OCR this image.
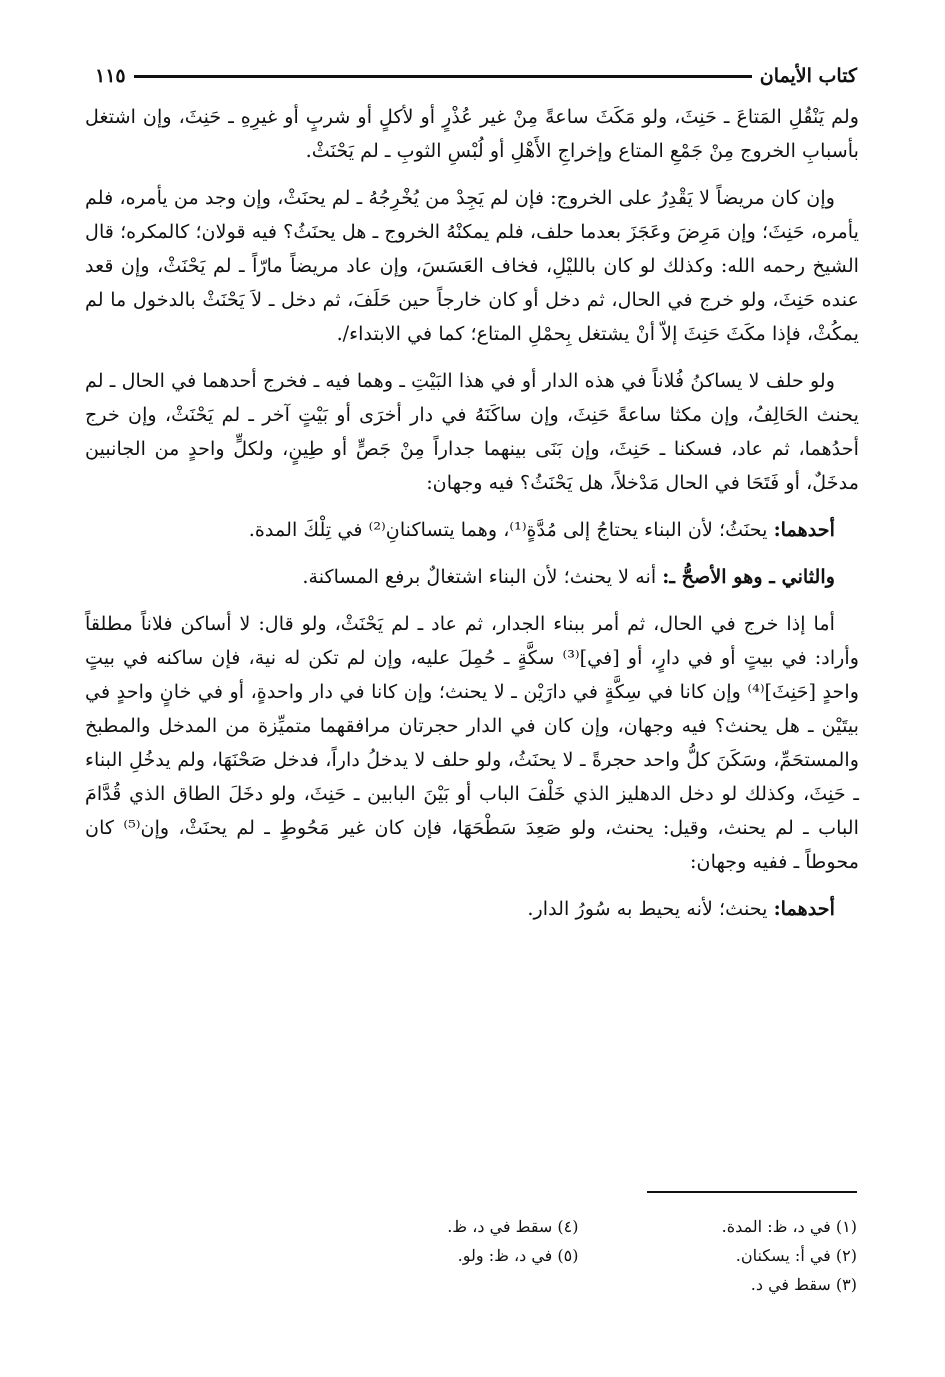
كتاب الأيمان
١١٥

ولم يَنْقُلِ المَتاعَ ـ حَنِثَ، ولو مَكَثَ ساعةً مِنْ غير عُذْرٍ أو لأكلٍ أو شربٍ أو غيرِهِ ـ حَنِثَ، وإن اشتغل بأسبابِ الخروج مِنْ جَمْعِ المتاع وإخراجِ الأَهْلِ أو لُبْسِ الثوبِ ـ لم يَحْنَثْ.

وإن كان مريضاً لا يَقْدِرُ على الخروج: فإن لم يَجِدْ من يُخْرِجُهُ ـ لم يحنَثْ، وإن وجد من يأمره، فلم يأمره، حَنِثَ؛ وإن مَرِضَ وعَجَزَ بعدما حلف، فلم يمكنْهُ الخروج ـ هل يحنَثُ؟ فيه قولان؛ كالمكره؛ قال الشيخ رحمه الله: وكذلك لو كان بالليْلِ، فخاف العَسَسَ، وإن عاد مريضاً مارّاً ـ لم يَحْنَثْ، وإن قعد عنده حَنِثَ، ولو خرج في الحال، ثم دخل أو كان خارجاً حين حَلَفَ، ثم دخل ـ لاَ يَحْنَثْ بالدخول ما لم يمكُثْ، فإذا مكَثَ حَنِثَ إلاّ أنْ يشتغل بِحمْلِ المتاع؛ كما في الابتداء/.

ولو حلف لا يساكنُ فُلاناً في هذه الدار أو في هذا البَيْتِ ـ وهما فيه ـ فخرج أحدهما في الحال ـ لم يحنث الحَالِفُ، وإن مكثا ساعةً حَنِثَ، وإن ساكَنَهُ في دار أخرَى أو بَيْتٍ آخر ـ لم يَحْنَثْ، وإن خرج أحدُهما، ثم عاد، فسكنا ـ حَنِثَ، وإن بَنَى بينهما جداراً مِنْ جَصٍّ أو طِينٍ، ولكلٍّ واحدٍ من الجانبين مدخَلٌ، أو فَتَحَا في الحال مَدْخلاً، هل يَحْنَثُ؟ فيه وجهان:

أحدهما: يحنَثُ؛ لأن البناء يحتاجُ إلى مُدَّةٍ⁽¹⁾، وهما يتساكنانِ⁽²⁾ في تِلْكَ المدة.

والثاني ـ وهو الأصحُّ ـ: أنه لا يحنث؛ لأن البناء اشتغالٌ برفع المساكنة.

أما إذا خرج في الحال، ثم أمر ببناء الجدار، ثم عاد ـ لم يَحْنَثْ، ولو قال: لا أساكن فلاناً مطلقاً وأراد: في بيتٍ أو في دارٍ، أو [في]⁽³⁾ سكَّةٍ ـ حُمِلَ عليه، وإن لم تكن له نية، فإن ساكنه في بيتٍ واحدٍ [حَنِثَ]⁽⁴⁾ وإن كانا في سِكَّةٍ في دارَيْن ـ لا يحنث؛ وإن كانا في دار واحدةٍ، أو في خانٍ واحدٍ في بيتَيْن ـ هل يحنث؟ فيه وجهان، وإن كان في الدار حجرتان مرافقهما متميِّزة من المدخل والمطبخ والمستحَمِّ، وسَكَنَ كلُّ واحد حجرةً ـ لا يحنَثُ، ولو حلف لا يدخلُ داراً، فدخل صَحْنَهَا، ولم يدخُلِ البناء ـ حَنِثَ، وكذلك لو دخل الدهليز الذي خَلْفَ الباب أو بَيْنَ البابين ـ حَنِثَ، ولو دخَلَ الطاق الذي قُدَّامَ الباب ـ لم يحنث، وقيل: يحنث، ولو صَعِدَ سَطْحَهَا، فإن كان غير مَحُوطٍ ـ لم يحنَثْ، وإن⁽⁵⁾ كان محوطاً ـ ففيه وجهان:

أحدهما: يحنث؛ لأنه يحيط به سُورُ الدار.

(١) في د، ظ: المدة.
(٢) في أ: يسكنان.
(٣) سقط في د.
(٤) سقط في د، ظ.
(٥) في د، ظ: ولو.
